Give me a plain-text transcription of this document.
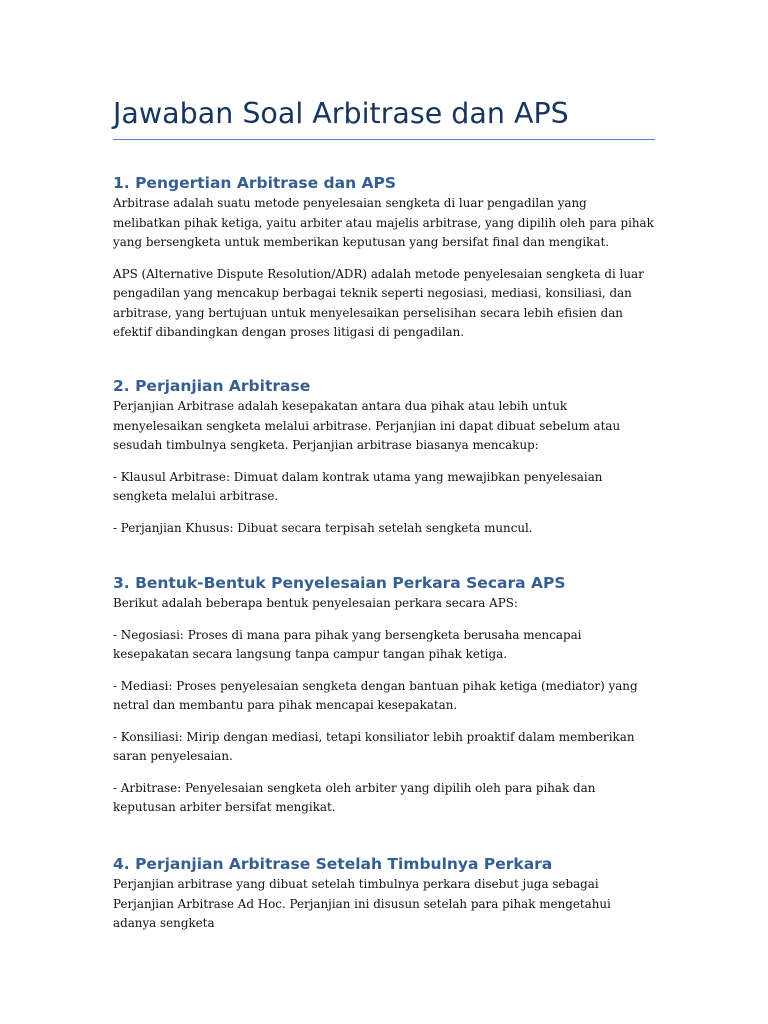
Jawaban Soal Arbitrase dan APS
1. Pengertian Arbitrase dan APS

Arbitrase adalah suatu metode penyelesaian sengketa di luar pengadilan yang melibatkan pihak ketiga, yaitu arbiter atau majelis arbitrase, yang dipilih oleh para pihak yang bersengketa untuk memberikan keputusan yang bersifat final dan mengikat.

APS (Alternative Dispute Resolution/ADR) adalah metode penyelesaian sengketa di luar pengadilan yang mencakup berbagai teknik seperti negosiasi, mediasi, konsiliasi, dan arbitrase, yang bertujuan untuk menyelesaikan perselisihan secara lebih efisien dan efektif dibandingkan dengan proses litigasi di pengadilan.

2. Perjanjian Arbitrase

Perjanjian Arbitrase adalah kesepakatan antara dua pihak atau lebih untuk menyelesaikan sengketa melalui arbitrase. Perjanjian ini dapat dibuat sebelum atau sesudah timbulnya sengketa. Perjanjian arbitrase biasanya mencakup:

- Klausul Arbitrase: Dimuat dalam kontrak utama yang mewajibkan penyelesaian sengketa melalui arbitrase.

- Perjanjian Khusus: Dibuat secara terpisah setelah sengketa muncul.

3. Bentuk-Bentuk Penyelesaian Perkara Secara APS

Berikut adalah beberapa bentuk penyelesaian perkara secara APS:

- Negosiasi: Proses di mana para pihak yang bersengketa berusaha mencapai kesepakatan secara langsung tanpa campur tangan pihak ketiga.

- Mediasi: Proses penyelesaian sengketa dengan bantuan pihak ketiga (mediator) yang netral dan membantu para pihak mencapai kesepakatan.

- Konsiliasi: Mirip dengan mediasi, tetapi konsiliator lebih proaktif dalam memberikan saran penyelesaian.

- Arbitrase: Penyelesaian sengketa oleh arbiter yang dipilih oleh para pihak dan keputusan arbiter bersifat mengikat.

4. Perjanjian Arbitrase Setelah Timbulnya Perkara

Perjanjian arbitrase yang dibuat setelah timbulnya perkara disebut juga sebagai Perjanjian Arbitrase Ad Hoc. Perjanjian ini disusun setelah para pihak mengetahui adanya sengketa
